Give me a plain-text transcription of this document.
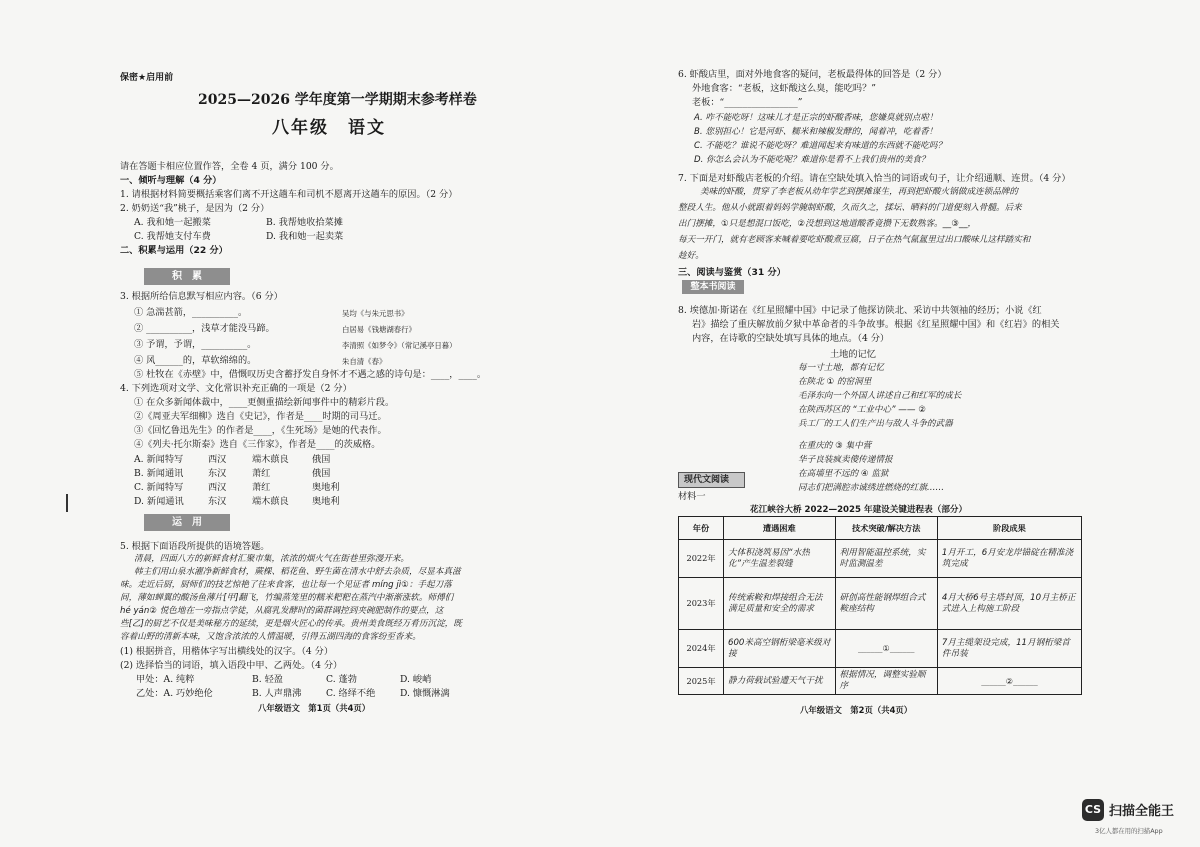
保密★启用前
2025—2026 学年度第一学期期末参考样卷
八年级　语文
请在答题卡相应位置作答，全卷 4 页，满分 100 分。
一、倾听与理解（4 分）
1. 请根据材料简要概括乘客们离不开这趟车和司机不愿离开这趟车的原因。（2 分）
2. 奶奶送“我”桃子，是因为（2 分）
A. 我和她一起搬菜	B. 我帮她收拾菜摊
C. 我帮她支付车费	D. 我和她一起卖菜
二、积累与运用（22 分）
积　累
3. 根据所给信息默写相应内容。（6 分）
① 急湍甚箭，__________。	吴均《与朱元思书》
② __________，浅草才能没马蹄。	白居易《钱塘湖春行》
③ 予谓，予谓，__________。	李清照《如梦令》（常记溪亭日暮）
④ 风______的，草软绵绵的。	朱自清《春》
⑤ 杜牧在《赤壁》中，借慨叹历史含蓄抒发自身怀才不遇之感的诗句是：____，____。
4. 下列选项对文学、文化常识补充正确的一项是（2 分）
① 在众多新闻体裁中，____更侧重描绘新闻事件中的精彩片段。
②《周亚夫军细柳》选自《史记》，作者是____时期的司马迁。
③《回忆鲁迅先生》的作者是____，《生死场》是她的代表作。
④《列夫·托尔斯泰》选自《三作家》，作者是____的茨威格。
A. 新闻特写	西汉	端木蕻良	俄国
B. 新闻通讯	东汉	萧红	俄国
C. 新闻特写	西汉	萧红	奥地利
D. 新闻通讯	东汉	端木蕻良	奥地利
运　用
5. 根据下面语段所提供的语境答题。
清晨，四面八方的新鲜食材汇聚市集，浓浓的烟火气在街巷里弥漫开来。
韩主们用山泉水濯净新鲜食材，蕨棵、稻花鱼、野生菌在清水中舒去杂质，尽显本真滋
味。走近后厨，厨师们的技艺惊艳了往来食客，也让每一个见证者 míng jì①：手起刀落
间，薄如蝉翼的酸汤鱼薄片[甲]翻飞，竹编蒸笼里的糯米粑粑在蒸汽中渐渐涨软。师傅们
hé yán② 悦色地在一旁指点学徒，从腐乳发酵时的菌群调控到夹碗肥制作的要点，这
些[乙]的厨艺不仅是美味秘方的延续，更是烟火匠心的传承。贵州美食既经万肴历沉淀，既
容着山野的清新本味，又饱含浓浓的人情温暖，引得五湖四海的食客纷至沓来。
(1) 根据拼音，用楷体字写出横线处的汉字。（4 分）
(2) 选择恰当的词语，填入语段中甲、乙两处。（4 分）
甲处：A. 纯粹	B. 轻盈	C. 蓬勃	D. 峻峭
乙处：A. 巧妙绝伦	B. 人声鼎沸	C. 络绎不绝	D. 慷慨淋漓
八年级语文　第1页（共4页）
6. 虾酸店里，面对外地食客的疑问，老板最得体的回答是（2 分）
外地食客：“老板，这虾酸这么臭，能吃吗？”
老板：“________________”
A. 咋不能吃呀！这味儿才是正宗的虾酸香味，您嫌臭就别点啦！
B. 您别担心！它是河虾、糯米和辣椒发酵的，闻着冲，吃着香！
C. 不能吃？谁说不能吃呀？难道闻起来有味道的东西就不能吃吗？
D. 你怎么会认为不能吃呢？难道你是看不上我们贵州的美食？
7. 下面是对虾酸店老板的介绍。请在空缺处填入恰当的词语或句子，让介绍通顺、连贯。（4 分）
美味的虾酸，贯穿了李老板从幼年学艺到摆摊谋生，再到把虾酸火锅做成连锁品牌的
整段人生。他从小就跟着妈妈学腌制虾酸，久而久之，揉坛、晒料的门道便刻入骨髓。后来
出门摆摊，①只是想混口饭吃，②没想到这地道酸香竟攒下无数熟客。__③__，
每天一开门，就有老顾客来喊着要吃虾酸煮豆腐，日子在热气氤氲里过出口酸味儿这样踏实和
趁好。
三、阅读与鉴赏（31 分）
整本书阅读
8. 埃德加·斯诺在《红星照耀中国》中记录了他探访陕北、采访中共领袖的经历；小说《红
岩》描绘了重庆解放前夕狱中革命者的斗争故事。根据《红星照耀中国》和《红岩》的相关
内容，在诗歌的空缺处填写具体的地点。（4 分）
土地的记忆
每一寸土地，都有记忆
在陕北 ① 的窑洞里
毛泽东向一个外国人讲述自己和红军的成长
在陕西苏区的 “工业中心” —— ②
兵工厂的工人们生产出与敌人斗争的武器
在重庆的 ③ 集中营
华子良装疯卖傻传递情报
在高墙里不远的 ④ 监狱
同志们把满腔赤诚绣进燃烧的红旗……
现代文阅读
材料一
花江峡谷大桥 2022—2025 年建设关键进程表（部分）
年份	遭遇困难	技术突破/解决方法	阶段成果
2022年	大体积浇筑易因“水热化”产生温差裂缝	利用智能温控系统，实时监测温差	1月开工，6月安龙岸锚碇在精准浇筑完成
2023年	传统索鞍和焊接组合无法满足质量和安全的需求	研创高性能钢焊组合式鞍座结构	4月大桥6号主塔封顶，10月主桥正式进入上构施工阶段
2024年	600米高空钢桁梁毫米级对接	______①______	7月主缆架设完成，11月钢桁梁首件吊装
2025年	静力荷载试验遭天气干扰	根据情况，调整实验顺序	______②______
八年级语文　第2页（共4页）
CS 扫描全能王
3亿人都在用的扫描App
